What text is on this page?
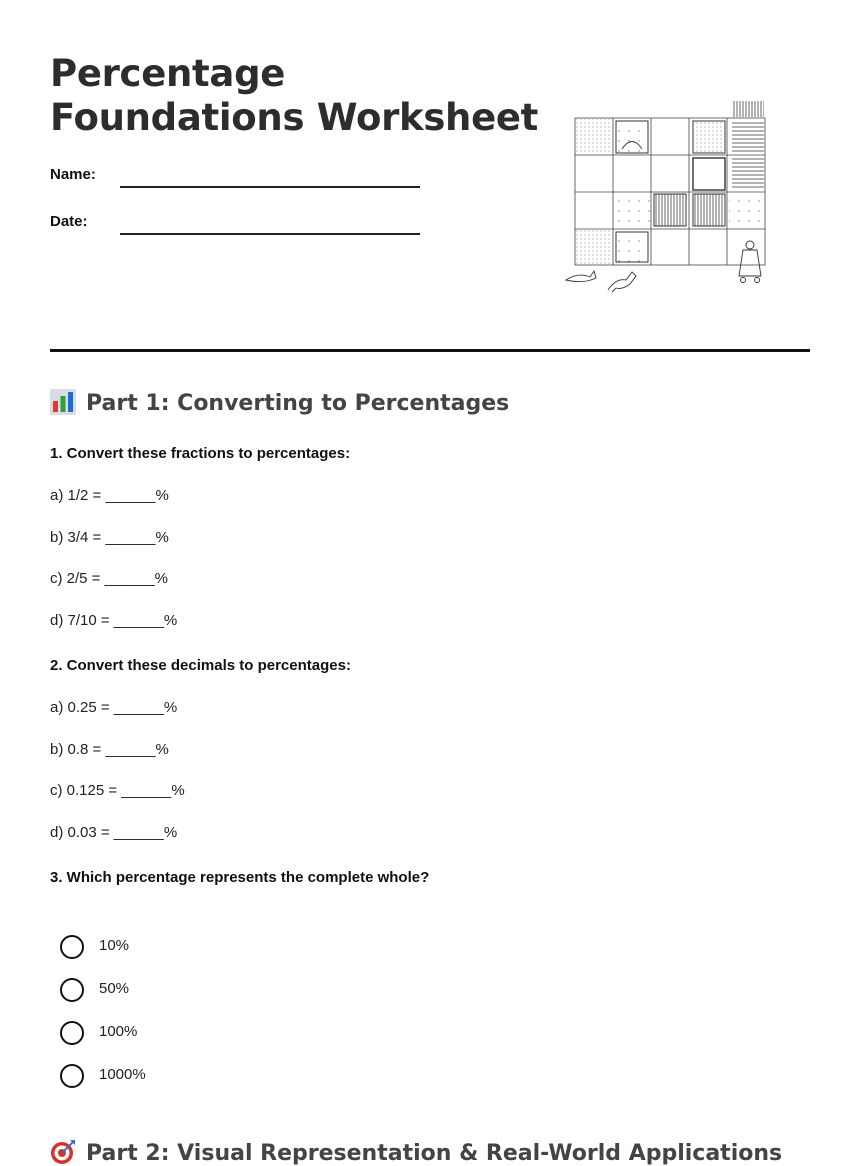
Percentage Foundations Worksheet
Name:
Date:
Part 1: Converting to Percentages
1. Convert these fractions to percentages:
a) 1/2 = ______%
b) 3/4 = ______%
c) 2/5 = ______%
d) 7/10 = ______%
2. Convert these decimals to percentages:
a) 0.25 = ______%
b) 0.8 = ______%
c) 0.125 = ______%
d) 0.03 = ______%
3. Which percentage represents the complete whole?
10%
50%
100%
1000%
Part 2: Visual Representation & Real-World Applications
